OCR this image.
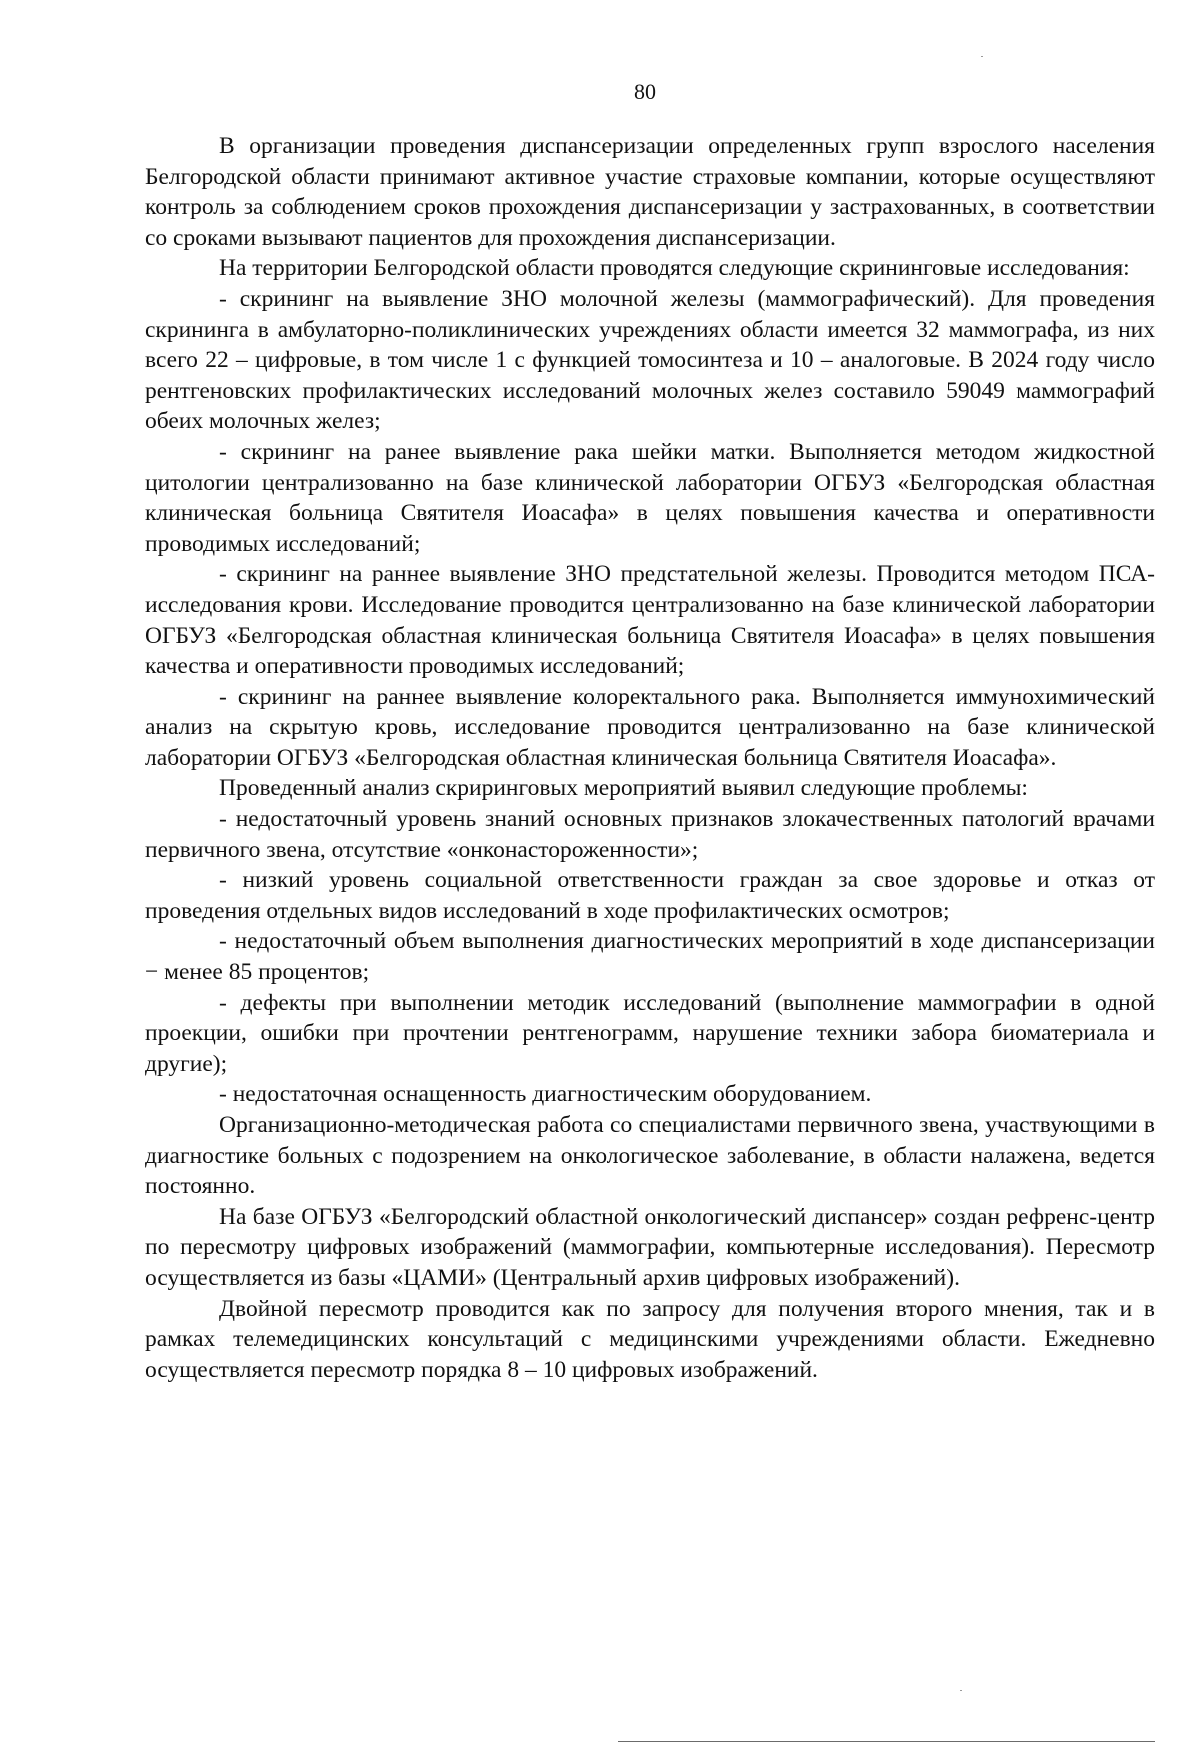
80

В организации проведения диспансеризации определенных групп взрослого населения Белгородской области принимают активное участие страховые компании, которые осуществляют контроль за соблюдением сроков прохождения диспансеризации у застрахованных, в соответствии со сроками вызывают пациентов для прохождения диспансеризации.

На территории Белгородской области проводятся следующие скрининговые исследования:

- скрининг на выявление ЗНО молочной железы (маммографический). Для проведения скрининга в амбулаторно-поликлинических учреждениях области имеется 32 маммографа, из них всего 22 – цифровые, в том числе 1 с функцией томосинтеза и 10 – аналоговые. В 2024 году число рентгеновских профилактических исследований молочных желез составило 59049 маммографий обеих молочных желез;

- скрининг на ранее выявление рака шейки матки. Выполняется методом жидкостной цитологии централизованно на базе клинической лаборатории ОГБУЗ «Белгородская областная клиническая больница Святителя Иоасафа» в целях повышения качества и оперативности проводимых исследований;

- скрининг на раннее выявление ЗНО предстательной железы. Проводится методом ПСА-исследования крови. Исследование проводится централизованно на базе клинической лаборатории ОГБУЗ «Белгородская областная клиническая больница Святителя Иоасафа» в целях повышения качества и оперативности проводимых исследований;

- скрининг на раннее выявление колоректального рака. Выполняется иммунохимический анализ на скрытую кровь, исследование проводится централизованно на базе клинической лаборатории ОГБУЗ «Белгородская областная клиническая больница Святителя Иоасафа».

Проведенный анализ скриринговых мероприятий выявил следующие проблемы:

- недостаточный уровень знаний основных признаков злокачественных патологий врачами первичного звена, отсутствие «онконастороженности»;

- низкий уровень социальной ответственности граждан за свое здоровье и отказ от проведения отдельных видов исследований в ходе профилактических осмотров;

- недостаточный объем выполнения диагностических мероприятий в ходе диспансеризации − менее 85 процентов;

- дефекты при выполнении методик исследований (выполнение маммографии в одной проекции, ошибки при прочтении рентгенограмм, нарушение техники забора биоматериала и другие);

- недостаточная оснащенность диагностическим оборудованием.

Организационно-методическая работа со специалистами первичного звена, участвующими в диагностике больных с подозрением на онкологическое заболевание, в области налажена, ведется постоянно.

На базе ОГБУЗ «Белгородский областной онкологический диспансер» создан рефренс-центр по пересмотру цифровых изображений (маммографии, компьютерные исследования). Пересмотр осуществляется из базы «ЦАМИ» (Центральный архив цифровых изображений).

Двойной пересмотр проводится как по запросу для получения второго мнения, так и в рамках телемедицинских консультаций с медицинскими учреждениями области. Ежедневно осуществляется пересмотр порядка 8 – 10 цифровых изображений.
